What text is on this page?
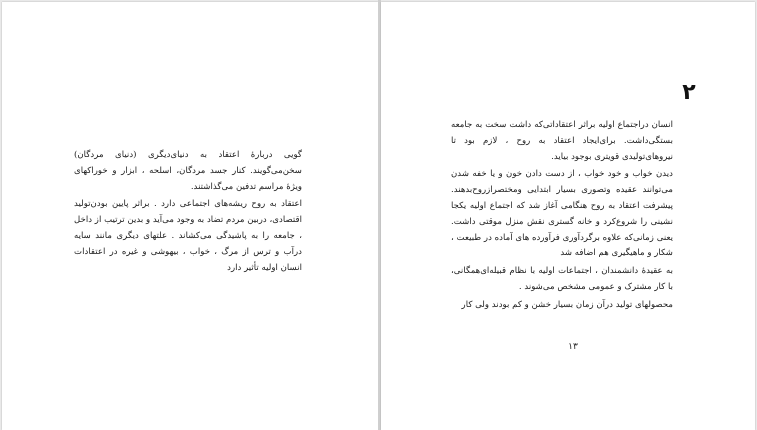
گویی دربارهٔ اعتقاد به دنیای‌دیگری (دنیای مردگان) سخن‌می‌گویند. کنار جسد مردگان، اسلحه ، ابزار و خوراکهای ویژهٔ مراسم تدفین می‌گذاشتند.

اعتقاد به روح ریشه‌های اجتماعی دارد . براثر پایین بودن‌تولید اقتصادی، دربین مردم تضاد به وجود می‌آید و بدین ترتیب از داخل ، جامعه را به پاشیدگی می‌کشاند . علتهای دیگری مانند سایه در‌آب و ترس از مرگ ، خواب ، بیهوشی و غیره در اعتقادات انسان اولیه تأثیر دارد

۲

انسان دراجتماع اولیه براثر اعتقاداتی‌که داشت سخت به جامعه بستگی‌داشت. برای‌ایجاد اعتقاد به روح ، لازم بود تا نیروهای‌تولیدی قویتری بوجود بیاید.

دیدن خواب و خود خواب ، از دست دادن خون و یا خفه شدن می‌توانند عقیده وتصوری بسیار ابتدایی ومختصرازروح‌بدهند. پیشرفت اعتقاد به روح هنگامی آغاز شد که اجتماع اولیه یکجا نشینی را شروع‌کرد و خانه گستری نقش منزل موقتی داشت. یعنی زمانی‌که علاوه برگردآوری فرآورده های آماده در طبیعت ، شکار و ماهیگیری هم اضافه شد

به عقیدهٔ دانشمندان ، اجتماعات اولیه با نظام قبیله‌ای‌همگانی، با کار مشترک و عمومی مشخص می‌شوند .

محصولهای تولید در‌آن زمان بسیار خشن و کم بودند ولی کار

۱۳
